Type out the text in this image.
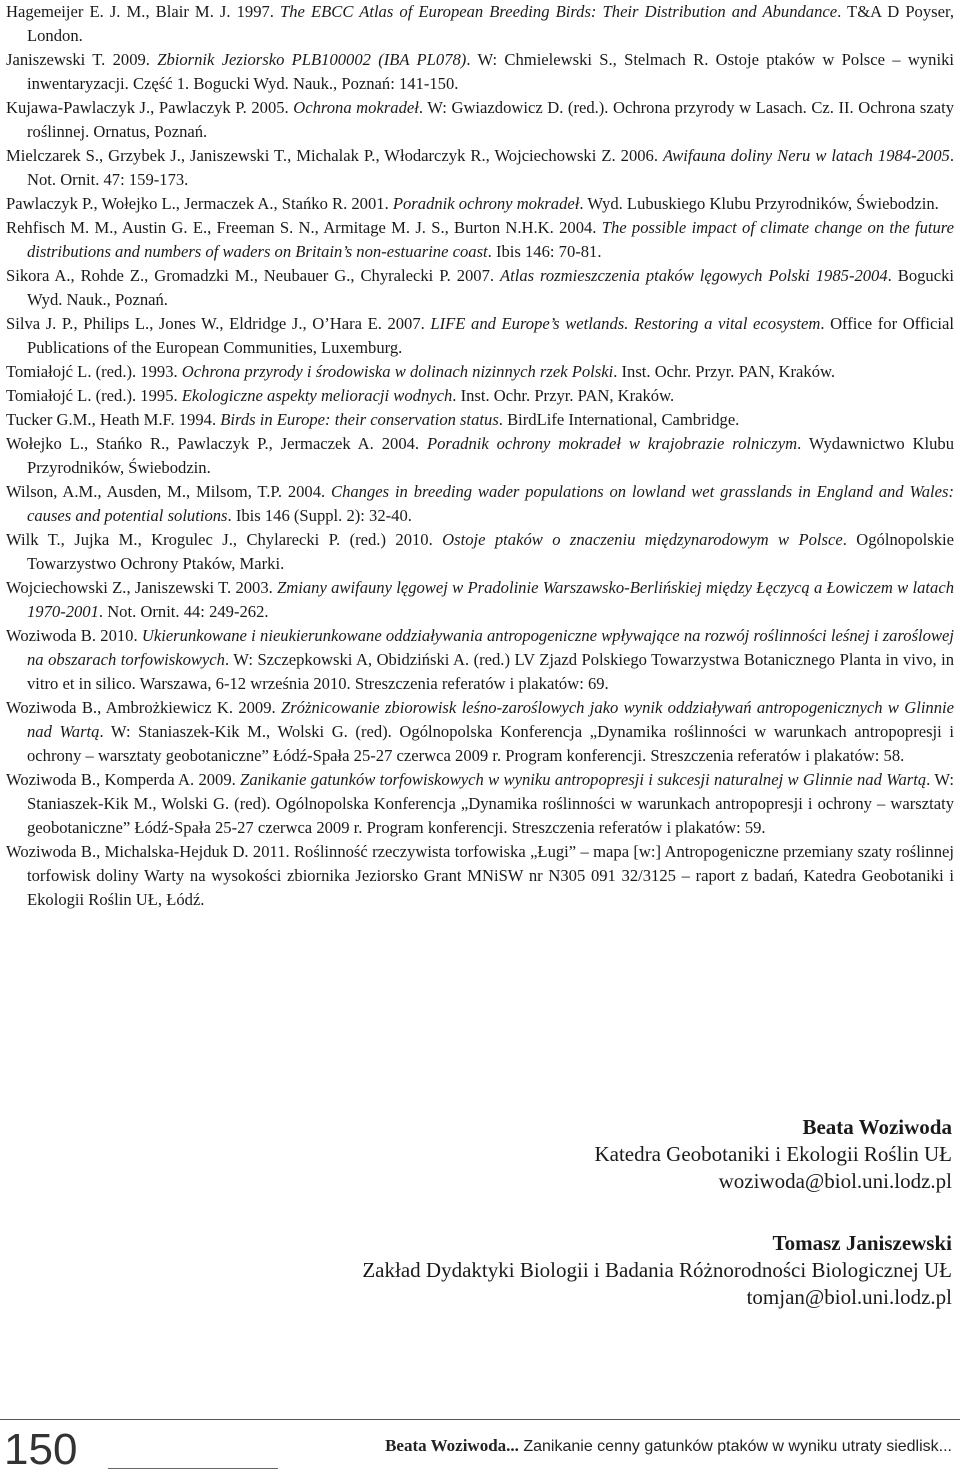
Hagemeijer E. J. M., Blair M. J. 1997. The EBCC Atlas of European Breeding Birds: Their Distribution and Abundance. T&A D Poyser, London.
Janiszewski T. 2009. Zbiornik Jeziorsko PLB100002 (IBA PL078). W: Chmielewski S., Stelmach R. Ostoje ptaków w Polsce – wyniki inwentaryzacji. Część 1. Bogucki Wyd. Nauk., Poznań: 141-150.
Kujawa-Pawlaczyk J., Pawlaczyk P. 2005. Ochrona mokradeł. W: Gwiazdowicz D. (red.). Ochrona przyrody w Lasach. Cz. II. Ochrona szaty roślinnej. Ornatus, Poznań.
Mielczarek S., Grzybek J., Janiszewski T., Michalak P., Włodarczyk R., Wojciechowski Z. 2006. Awifauna doliny Neru w latach 1984-2005. Not. Ornit. 47: 159-173.
Pawlaczyk P., Wołejko L., Jermaczek A., Stańko R. 2001. Poradnik ochrony mokradeł. Wyd. Lubuskiego Klubu Przyrodników, Świebodzin.
Rehfisch M. M., Austin G. E., Freeman S. N., Armitage M. J. S., Burton N.H.K. 2004. The possible impact of climate change on the future distributions and numbers of waders on Britain’s non-estuarine coast. Ibis 146: 70-81.
Sikora A., Rohde Z., Gromadzki M., Neubauer G., Chyralecki P. 2007. Atlas rozmieszczenia ptaków lęgowych Polski 1985-2004. Bogucki Wyd. Nauk., Poznań.
Silva J. P., Philips L., Jones W., Eldridge J., O’Hara E. 2007. LIFE and Europe’s wetlands. Restoring a vital ecosystem. Office for Official Publications of the European Communities, Luxemburg.
Tomiałojć L. (red.). 1993. Ochrona przyrody i środowiska w dolinach nizinnych rzek Polski. Inst. Ochr. Przyr. PAN, Kraków.
Tomiałojć L. (red.). 1995. Ekologiczne aspekty melioracji wodnych. Inst. Ochr. Przyr. PAN, Kraków.
Tucker G.M., Heath M.F. 1994. Birds in Europe: their conservation status. BirdLife International, Cambridge.
Wołejko L., Stańko R., Pawlaczyk P., Jermaczek A. 2004. Poradnik ochrony mokradeł w krajobrazie rolniczym. Wydawnictwo Klubu Przyrodników, Świebodzin.
Wilson, A.M., Ausden, M., Milsom, T.P. 2004. Changes in breeding wader populations on lowland wet grasslands in England and Wales: causes and potential solutions. Ibis 146 (Suppl. 2): 32-40.
Wilk T., Jujka M., Krogulec J., Chylarecki P. (red.) 2010. Ostoje ptaków o znaczeniu międzynarodowym w Polsce. Ogólnopolskie Towarzystwo Ochrony Ptaków, Marki.
Wojciechowski Z., Janiszewski T. 2003. Zmiany awifauny lęgowej w Pradolinie Warszawsko-Berlińskiej między Łęczycą a Łowiczem w latach 1970-2001. Not. Ornit. 44: 249-262.
Woziwoda B. 2010. Ukierunkowane i nieukierunkowane oddziaływania antropogeniczne wpływające na rozwój roślinności leśnej i zaroślowej na obszarach torfowiskowych. W: Szczepkowski A, Obidziński A. (red.) LV Zjazd Polskiego Towarzystwa Botanicznego Planta in vivo, in vitro et in silico. Warszawa, 6-12 września 2010. Streszczenia referatów i plakatów: 69.
Woziwoda B., Ambrożkiewicz K. 2009. Zróżnicowanie zbiorowisk leśno-zaroślowych jako wynik oddziaływań antropogenicznych w Glinnie nad Wartą. W: Staniaszek-Kik M., Wolski G. (red). Ogólnopolska Konferencja „Dynamika roślinności w warunkach antropopresji i ochrony – warsztaty geobotaniczne” Łódź-Spała 25-27 czerwca 2009 r. Program konferencji. Streszczenia referatów i plakatów: 58.
Woziwoda B., Komperda A. 2009. Zanikanie gatunków torfowiskowych w wyniku antropopresji i sukcesji naturalnej w Glinnie nad Wartą. W: Staniaszek-Kik M., Wolski G. (red). Ogólnopolska Konferencja „Dynamika roślinności w warunkach antropopresji i ochrony – warsztaty geobotaniczne” Łódź-Spała 25-27 czerwca 2009 r. Program konferencji. Streszczenia referatów i plakatów: 59.
Woziwoda B., Michalska-Hejduk D. 2011. Roślinność rzeczywista torfowiska „Ługi” – mapa [w:] Antropogeniczne przemiany szaty roślinnej torfowisk doliny Warty na wysokości zbiornika Jeziorsko Grant MNiSW nr N305 091 32/3125 – raport z badań, Katedra Geobotaniki i Ekologii Roślin UŁ, Łódź.
Beata Woziwoda
Katedra Geobotaniki i Ekologii Roślin UŁ
woziwoda@biol.uni.lodz.pl
Tomasz Janiszewski
Zakład Dydaktyki Biologii i Badania Różnorodności Biologicznej UŁ
tomjan@biol.uni.lodz.pl
150	Beata Woziwoda... Zanikanie cenny gatunków ptaków w wyniku utraty siedlisk...
